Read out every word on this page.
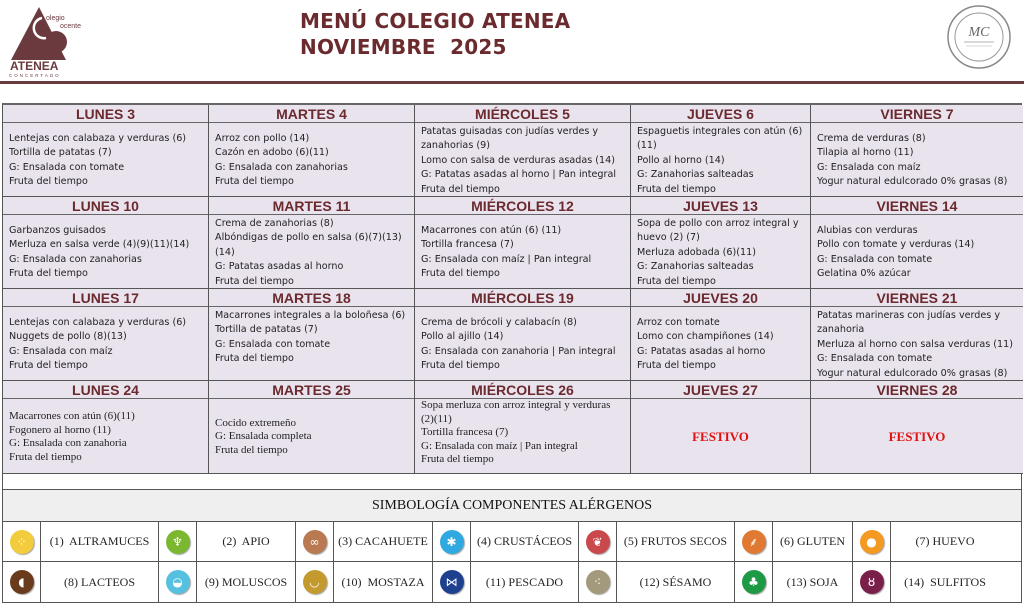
olegio
ocente
ATENEA
CONCERTADO
MENÚ COLEGIO ATENEA
NOVIEMBRE  2025
MC
LUNES 3
Lentejas con calabaza y verduras (6)
Tortilla de patatas (7)
G: Ensalada con tomate
Fruta del tiempo
MARTES 4
Arroz con pollo (14)
Cazón en adobo (6)(11)
G: Ensalada con zanahorias
Fruta del tiempo
MIÉRCOLES 5
Patatas guisadas con judías verdes y zanahorias (9)
Lomo con salsa de verduras asadas (14)
G: Patatas asadas al horno | Pan integral
Fruta del tiempo
JUEVES 6
Espaguetis integrales con atún (6) (11)
Pollo al horno (14)
G: Zanahorias salteadas
Fruta del tiempo
VIERNES 7
Crema de verduras (8)
Tilapia al horno (11)
G: Ensalada con maíz
Yogur natural edulcorado 0% grasas (8)
LUNES 10
Garbanzos guisados
Merluza en salsa verde (4)(9)(11)(14)
G: Ensalada con zanahorias
Fruta del tiempo
MARTES 11
Crema de zanahorias (8)
Albóndigas de pollo en salsa (6)(7)(13)(14)
G: Patatas asadas al horno
Fruta del tiempo
MIÉRCOLES 12
Macarrones con atún (6) (11)
Tortilla francesa (7)
G: Ensalada con maíz | Pan integral
Fruta del tiempo
JUEVES 13
Sopa de pollo con arroz integral y huevo (2) (7)
Merluza adobada (6)(11)
G: Zanahorias salteadas
Fruta del tiempo
VIERNES 14
Alubias con verduras
Pollo con tomate y verduras (14)
G: Ensalada con tomate
Gelatina 0% azúcar
LUNES 17
Lentejas con calabaza y verduras (6)
Nuggets de pollo (8)(13)
G: Ensalada con maíz
Fruta del tiempo
MARTES 18
Macarrones integrales a la boloñesa (6)
Tortilla de patatas (7)
G: Ensalada con tomate
Fruta del tiempo
MIÉRCOLES 19
Crema de brócoli y calabacín (8)
Pollo al ajillo (14)
G: Ensalada con zanahoria | Pan integral
Fruta del tiempo
JUEVES 20
Arroz con tomate
Lomo con champiñones (14)
G: Patatas asadas al horno
Fruta del tiempo
VIERNES 21
Patatas marineras con judías verdes y zanahoria
Merluza al horno con salsa verduras (11)
G: Ensalada con tomate
Yogur natural edulcorado 0% grasas (8)
LUNES 24
Macarrones con atún (6)(11)
Fogonero al horno (11)
G: Ensalada con zanahoria
Fruta del tiempo
MARTES 25
Cocido extremeño
G: Ensalada completa
Fruta del tiempo
MIÉRCOLES 26
Sopa merluza con arroz integral y verduras (2)(11)
Tortilla francesa (7)
G: Ensalada con maíz | Pan integral
Fruta del tiempo
JUEVES 27
FESTIVO
VIERNES 28
FESTIVO
SIMBOLOGÍA COMPONENTES ALÉRGENOS
⁘	(1)  ALTRAMUCES	♆	(2)  APIO	∞	(3) CACAHUETE	✱	(4) CRUSTÁCEOS	❦	(5) FRUTOS SECOS	⸙	(6) GLUTEN	●	(7) HUEVO
◖	(8) LACTEOS	◒	(9) MOLUSCOS	◡	(10)  MOSTAZA	⋈	(11) PESCADO	⁖	(12) SÉSAMO	♣	(13) SOJA	ȣ	(14)  SULFITOS
